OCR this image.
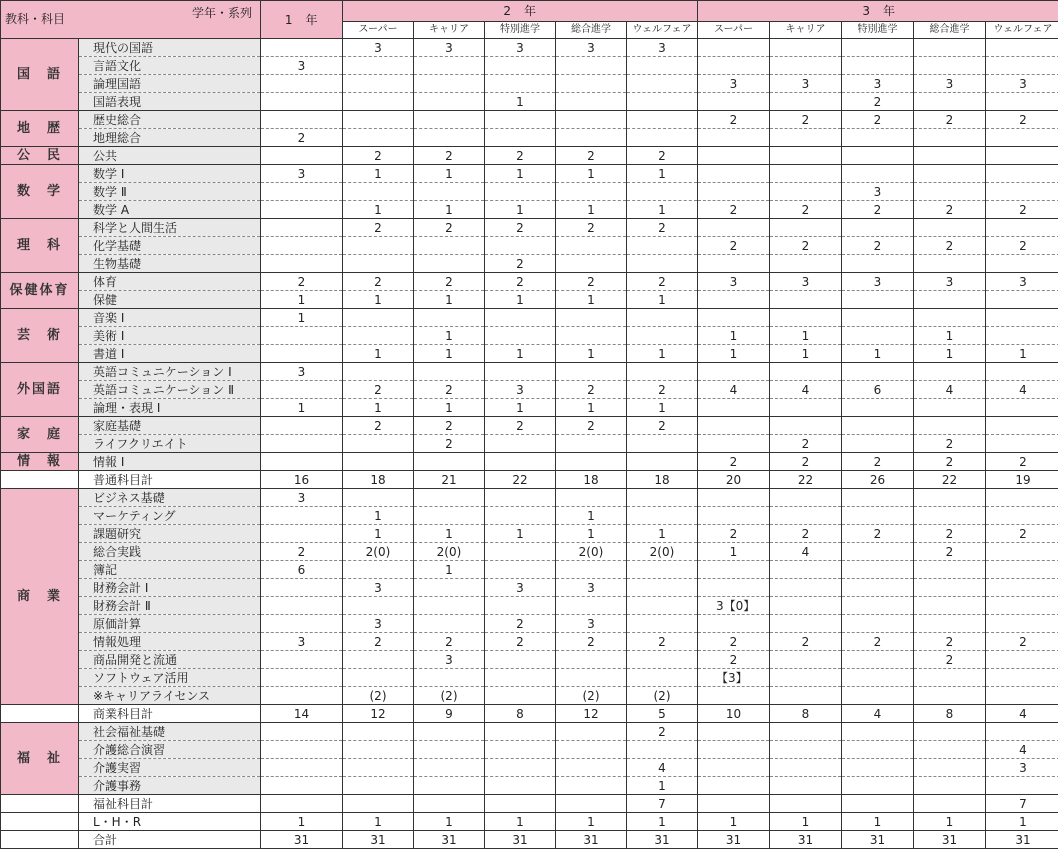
教科・科目 学年・系列		1　年	2　年					3　年				
			スーパー	キャリア	特別進学	総合進学	ウェルフェア	スーパー	キャリア	特別進学	総合進学	ウェルフェア
国　語	現代の国語		3	3	3	3	3					
	言語文化	3										
	論理国語							3	3	3	3	3
	国語表現				1					2		
地　歴	歴史総合							2	2	2	2	2
	地理総合	2										
公　民	公共		2	2	2	2	2					
数　学	数学 Ⅰ	3	1	1	1	1	1					
	数学 Ⅱ									3		
	数学 A		1	1	1	1	1	2	2	2	2	2
理　科	科学と人間生活		2	2	2	2	2					
	化学基礎							2	2	2	2	2
	生物基礎				2							
保健体育	体育	2	2	2	2	2	2	3	3	3	3	3
	保健	1	1	1	1	1	1					
芸　術	音楽 Ⅰ	1										
	美術 Ⅰ			1				1	1		1	
	書道 Ⅰ		1	1	1	1	1	1	1	1	1	1
外国語	英語コミュニケーション Ⅰ	3										
	英語コミュニケーション Ⅱ		2	2	3	2	2	4	4	6	4	4
	論理・表現 Ⅰ	1	1	1	1	1	1					
家　庭	家庭基礎		2	2	2	2	2					
	ライフクリエイト			2					2		2	
情　報	情報 Ⅰ							2	2	2	2	2
	普通科目計	16	18	21	22	18	18	20	22	26	22	19
商　業	ビジネス基礎	3										
	マーケティング		1			1						
	課題研究		1	1	1	1	1	2	2	2	2	2
	総合実践	2	2(0)	2(0)		2(0)	2(0)	1	4		2	
	簿記	6		1								
	財務会計 Ⅰ		3		3	3						
	財務会計 Ⅱ							3【0】				
	原価計算		3		2	3						
	情報処理	3	2	2	2	2	2	2	2	2	2	2
	商品開発と流通			3				2			2	
	ソフトウェア活用							【3】				
	※キャリアライセンス		(2)	(2)		(2)	(2)					
	商業科目計	14	12	9	8	12	5	10	8	4	8	4
福　祉	社会福祉基礎						2					
	介護総合演習											4
	介護実習						4					3
	介護事務						1					
	福祉科目計						7					7
	L・H・R	1	1	1	1	1	1	1	1	1	1	1
	合計	31	31	31	31	31	31	31	31	31	31	31
